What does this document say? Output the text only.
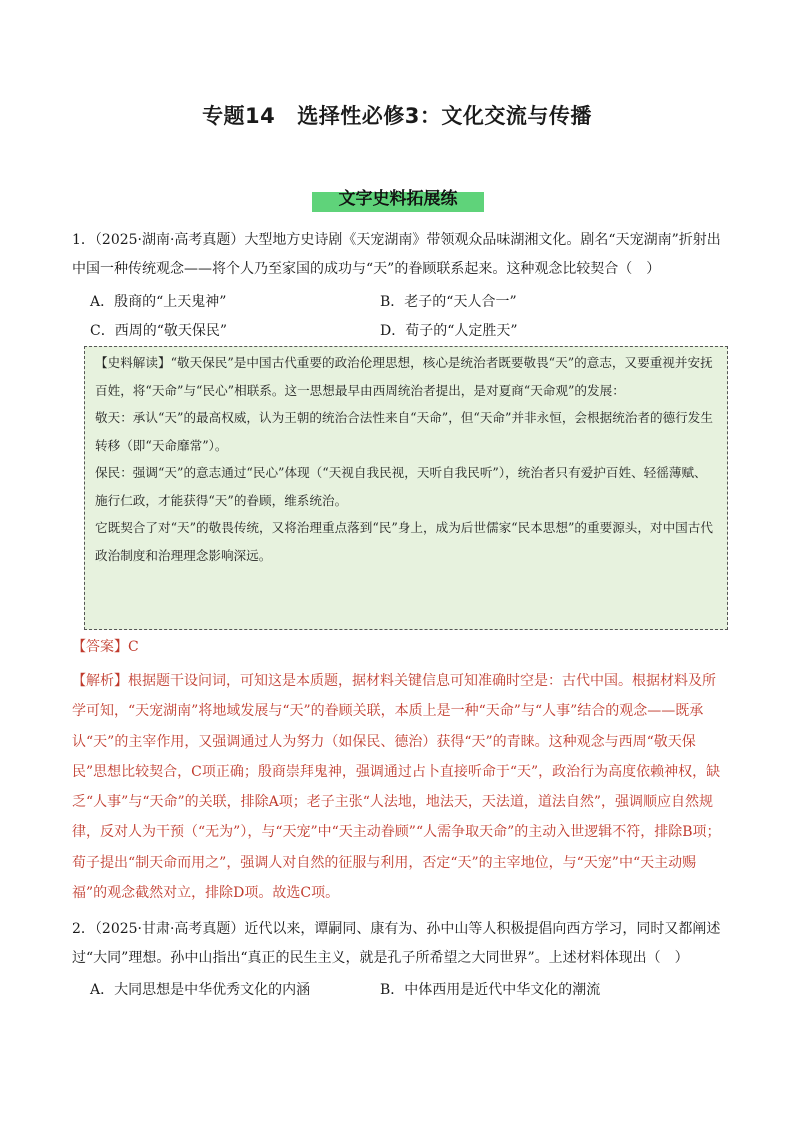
专题14 选择性必修3：文化交流与传播
文字史料拓展练
1．（2025·湖南·高考真题）大型地方史诗剧《天宠湖南》带领观众品味湖湘文化。剧名“天宠湖南”折射出中国一种传统观念——将个人乃至家国的成功与“天”的眷顾联系起来。这种观念比较契合（　）
A．殷商的“上天鬼神”	B．老子的“天人合一”
C．西周的“敬天保民”	D．荀子的“人定胜天”

【史料解读】“敬天保民”是中国古代重要的政治伦理思想，核心是统治者既要敬畏“天”的意志，又要重视并安抚百姓，将“天命”与“民心”相联系。这一思想最早由西周统治者提出，是对夏商“天命观”的发展：

敬天：承认“天”的最高权威，认为王朝的统治合法性来自“天命”，但“天命”并非永恒，会根据统治者的德行发生转移（即“天命靡常”）。

保民：强调“天”的意志通过“民心”体现（“天视自我民视，天听自我民听”），统治者只有爱护百姓、轻徭薄赋、施行仁政，才能获得“天”的眷顾，维系统治。

它既契合了对“天”的敬畏传统，又将治理重点落到“民”身上，成为后世儒家“民本思想”的重要源头，对中国古代政治制度和治理理念影响深远。

【答案】C
【解析】根据题干设问词，可知这是本质题，据材料关键信息可知准确时空是：古代中国。根据材料及所学可知，“天宠湖南”将地域发展与“天”的眷顾关联，本质上是一种“天命”与“人事”结合的观念——既承认“天”的主宰作用，又强调通过人为努力（如保民、德治）获得“天”的青睐。这种观念与西周“敬天保民”思想比较契合，C项正确；殷商崇拜鬼神，强调通过占卜直接听命于“天”，政治行为高度依赖神权，缺乏“人事”与“天命”的关联，排除A项；老子主张“人法地，地法天，天法道，道法自然”，强调顺应自然规律，反对人为干预（“无为”），与“天宠”中“天主动眷顾”“人需争取天命”的主动入世逻辑不符，排除B项；荀子提出“制天命而用之”，强调人对自然的征服与利用，否定“天”的主宰地位，与“天宠”中“天主动赐福”的观念截然对立，排除D项。故选C项。
2．（2025·甘肃·高考真题）近代以来，谭嗣同、康有为、孙中山等人积极提倡向西方学习，同时又都阐述过“大同”理想。孙中山指出“真正的民生主义，就是孔子所希望之大同世界”。上述材料体现出（　）
A．大同思想是中华优秀文化的内涵	B．中体西用是近代中华文化的潮流
